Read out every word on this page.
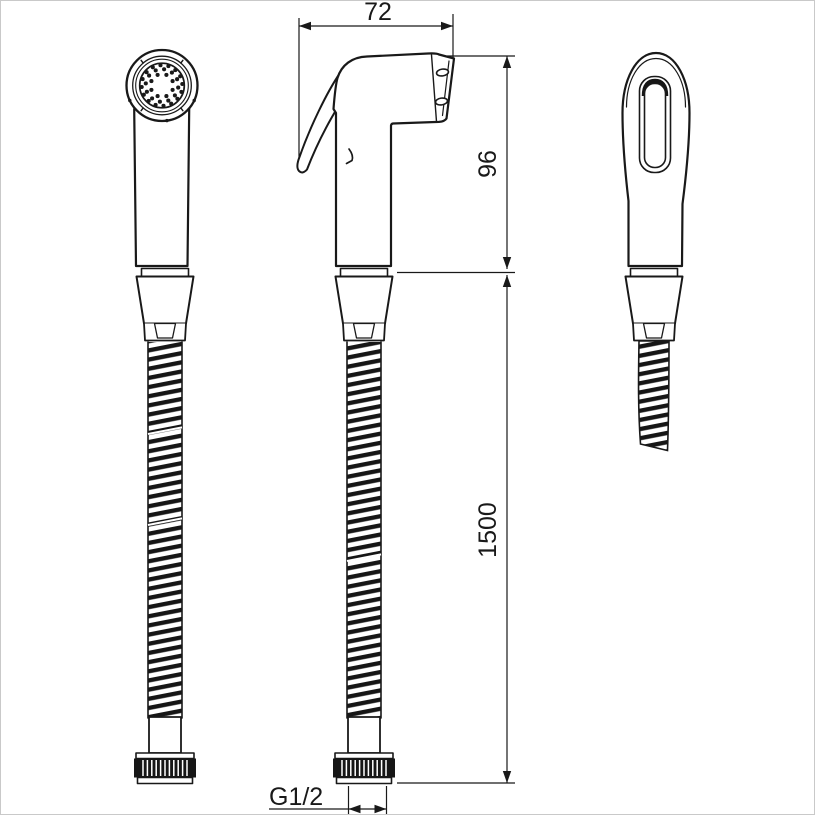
72
96
1500
G1/2
